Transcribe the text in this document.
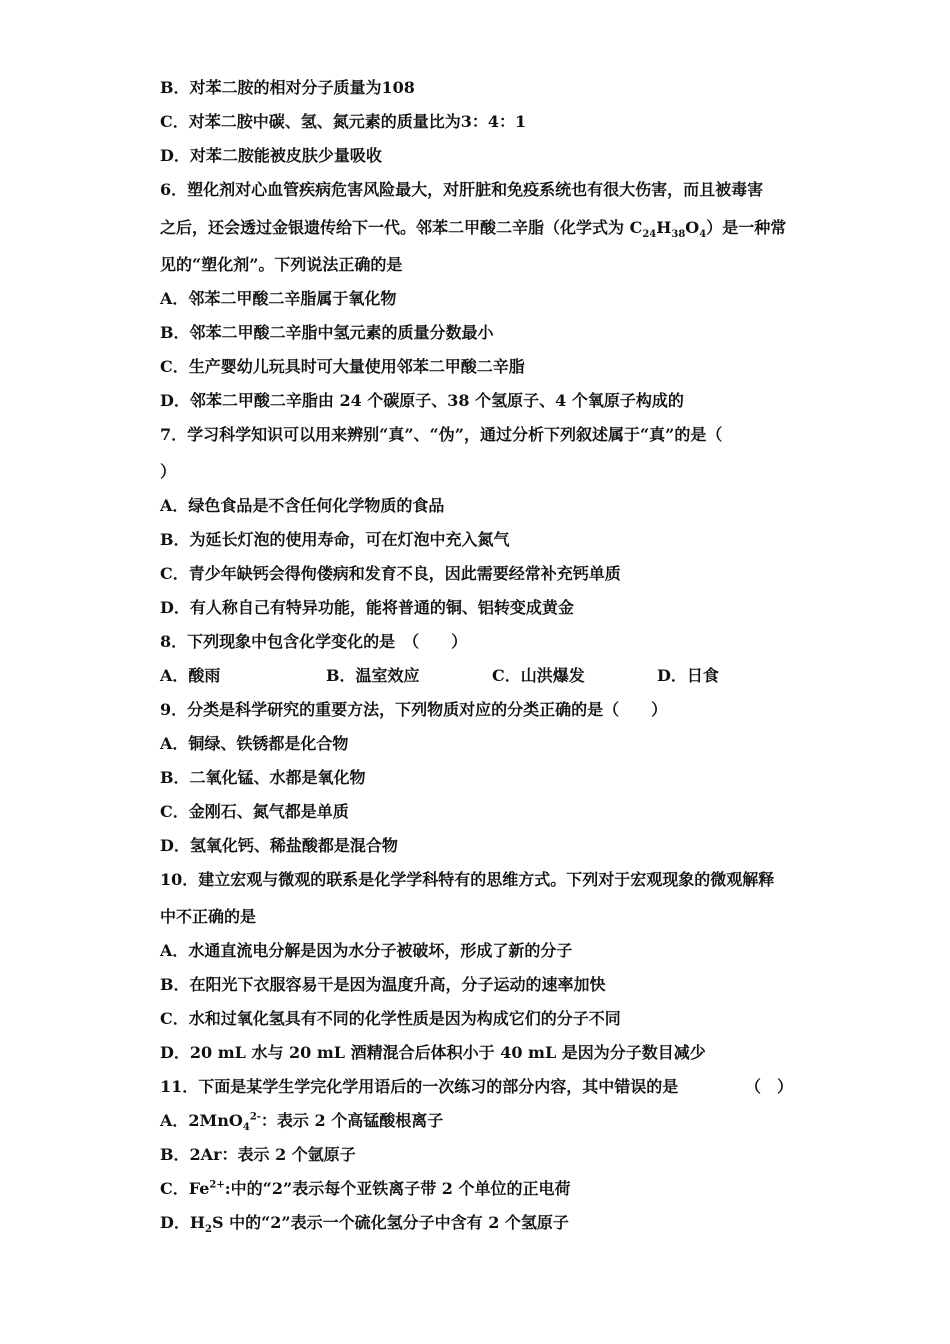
B．对苯二胺的相对分子质量为108
C．对苯二胺中碳、氢、氮元素的质量比为3：4：1
D．对苯二胺能被皮肤少量吸收
6．塑化剂对心血管疾病危害风险最大，对肝脏和免疫系统也有很大伤害，而且被毒害
之后，还会透过金银遗传给下一代。邻苯二甲酸二辛脂（化学式为 $C_{24}H_{38}O_4$）是一种常
见的“塑化剂”。下列说法正确的是
A．邻苯二甲酸二辛脂属于氧化物
B．邻苯二甲酸二辛脂中氢元素的质量分数最小
C．生产婴幼儿玩具时可大量使用邻苯二甲酸二辛脂
D．邻苯二甲酸二辛脂由 24 个碳原子、38 个氢原子、4 个氧原子构成的
7．学习科学知识可以用来辨别“真”、“伪”，通过分析下列叙述属于“真”的是（
）
A．绿色食品是不含任何化学物质的食品
B．为延长灯泡的使用寿命，可在灯泡中充入氮气
C．青少年缺钙会得佝偻病和发育不良，因此需要经常补充钙单质
D．有人称自己有特异功能，能将普通的铜、铝转变成黄金
8．下列现象中包含化学变化的是　（　　）
A．酸雨	B．温室效应	C．山洪爆发	D．日食
9．分类是科学研究的重要方法，下列物质对应的分类正确的是（　　）
A．铜绿、铁锈都是化合物
B．二氧化锰、水都是氧化物
C．金刚石、氮气都是单质
D．氢氧化钙、稀盐酸都是混合物
10．建立宏观与微观的联系是化学学科特有的思维方式。下列对于宏观现象的微观解释
中不正确的是
A．水通直流电分解是因为水分子被破坏，形成了新的分子
B．在阳光下衣服容易干是因为温度升高，分子运动的速率加快
C．水和过氧化氢具有不同的化学性质是因为构成它们的分子不同
D．20 mL 水与 20 mL 酒精混合后体积小于 40 mL 是因为分子数目减少
11．下面是某学生学完化学用语后的一次练习的部分内容，其中错误的是	（　）
A．2MnO$_4^{2-}$：表示 2 个高锰酸根离子
B．2Ar：表示 2 个氩原子
C．$Fe^{2+}$:中的“2”表示每个亚铁离子带 2 个单位的正电荷
D．$H_2S$ 中的“2”表示一个硫化氢分子中含有 2 个氢原子
